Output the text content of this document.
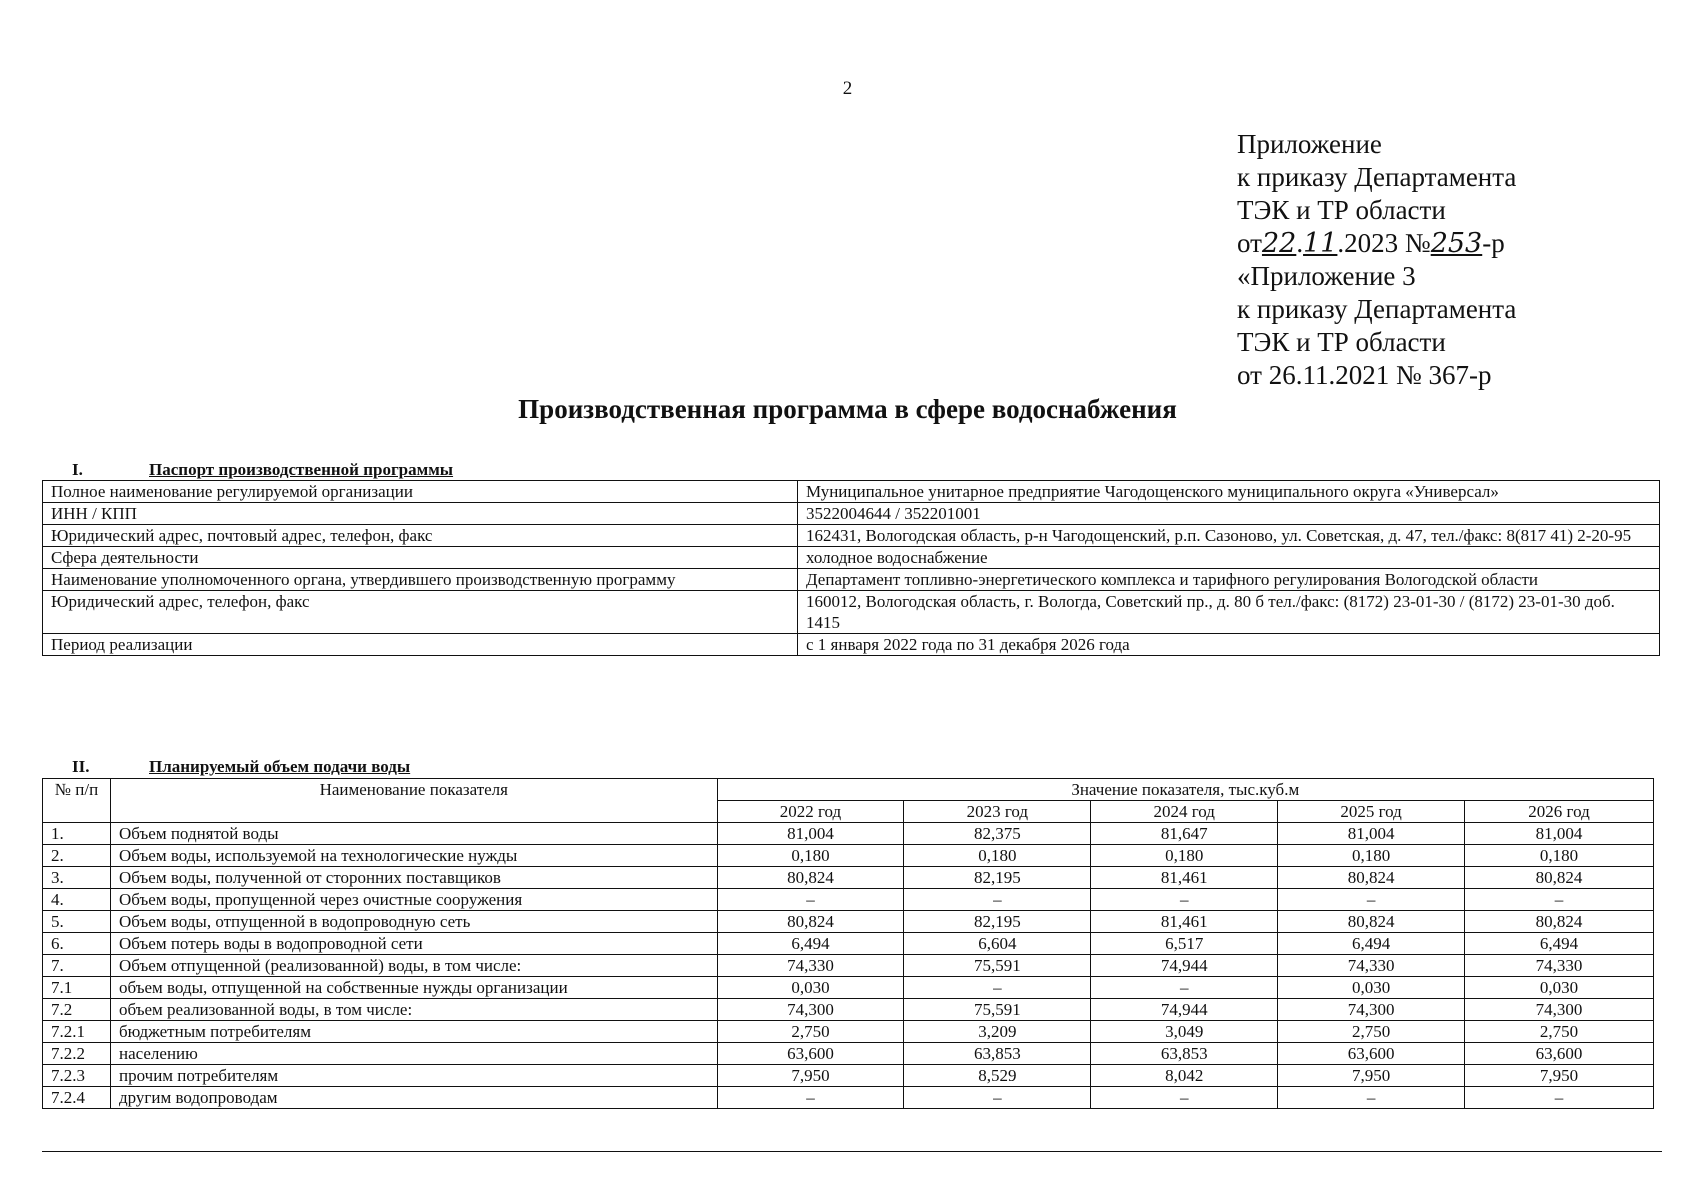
2
Приложение
к приказу Департамента
ТЭК и ТР области
от22.11.2023 №253-р
«Приложение 3
к приказу Департамента
ТЭК и ТР области
от 26.11.2021 № 367-р
Производственная программа в сфере водоснабжения
I.	Паспорт производственной программы
Полное наименование регулируемой организации	Муниципальное унитарное предприятие Чагодощенского муниципального округа «Универсал»
ИНН / КПП	3522004644 / 352201001
Юридический адрес, почтовый адрес, телефон, факс	162431, Вологодская область, р-н Чагодощенский, р.п. Сазоново, ул. Советская, д. 47, тел./факс: 8(817 41) 2-20-95
Сфера деятельности	холодное водоснабжение
Наименование уполномоченного органа, утвердившего производственную программу	Департамент топливно-энергетического комплекса и тарифного регулирования Вологодской области
Юридический адрес, телефон, факс	160012, Вологодская область, г. Вологда, Советский пр., д. 80 б тел./факс: (8172) 23-01-30 / (8172) 23-01-30 доб. 1415
Период реализации	с 1 января 2022 года по 31 декабря 2026 года
II.	Планируемый объем подачи воды
№ п/п	Наименование показателя	Значение показателя, тыс.куб.м				
		2022 год	2023 год	2024 год	2025 год	2026 год
1.	Объем поднятой воды	81,004	82,375	81,647	81,004	81,004
2.	Объем воды, используемой на технологические нужды	0,180	0,180	0,180	0,180	0,180
3.	Объем воды, полученной от сторонних поставщиков	80,824	82,195	81,461	80,824	80,824
4.	Объем воды, пропущенной через очистные сооружения	–	–	–	–	–
5.	Объем воды, отпущенной в водопроводную сеть	80,824	82,195	81,461	80,824	80,824
6.	Объем потерь воды в водопроводной сети	6,494	6,604	6,517	6,494	6,494
7.	Объем отпущенной (реализованной) воды, в том числе:	74,330	75,591	74,944	74,330	74,330
7.1	объем воды, отпущенной на собственные нужды организации	0,030	–	–	0,030	0,030
7.2	объем реализованной воды, в том числе:	74,300	75,591	74,944	74,300	74,300
7.2.1	бюджетным потребителям	2,750	3,209	3,049	2,750	2,750
7.2.2	населению	63,600	63,853	63,853	63,600	63,600
7.2.3	прочим потребителям	7,950	8,529	8,042	7,950	7,950
7.2.4	другим водопроводам	–	–	–	–	–
